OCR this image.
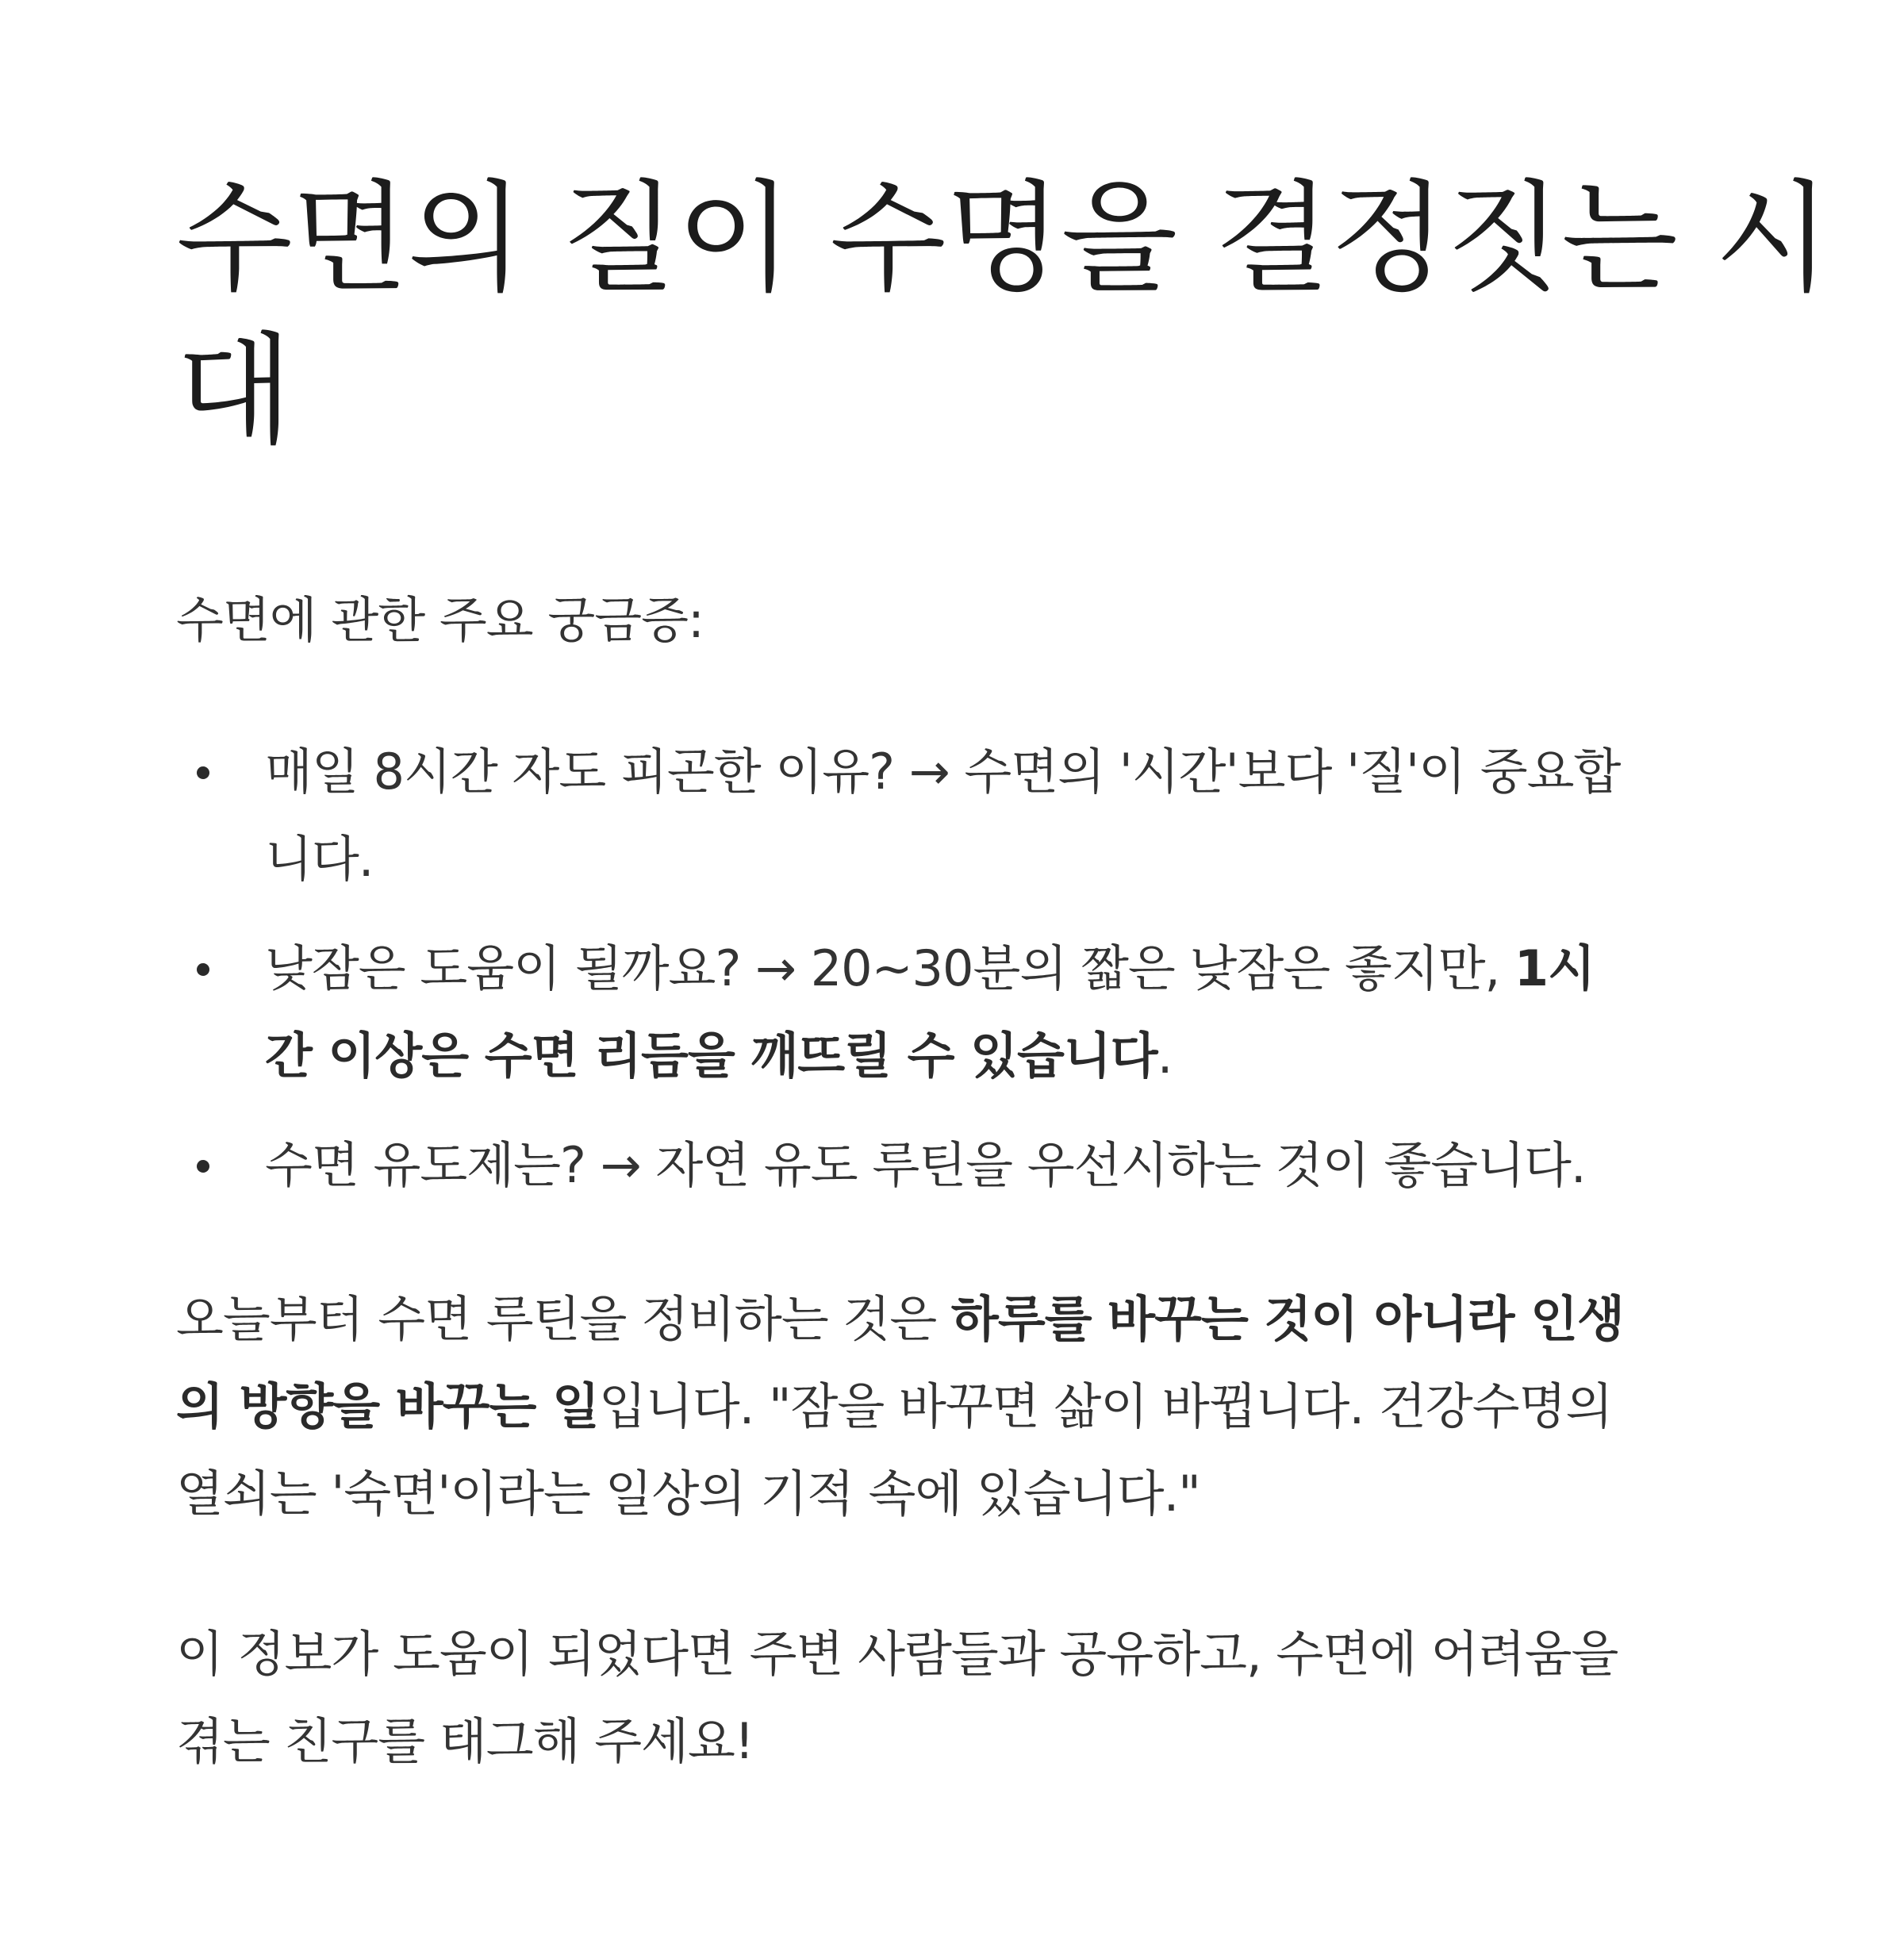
수면의 질이 수명을 결정짓는 시
대

수면에 관한 주요 궁금증:

매일 8시간 자도 피곤한 이유? → 수면의 '시간'보다 '질'이 중요합
니다.
낮잠은 도움이 될까요? → 20~30분의 짧은 낮잠은 좋지만, 1시
간 이상은 수면 리듬을 깨뜨릴 수 있습니다.
수면 유도제는? → 자연 유도 루틴을 우선시하는 것이 좋습니다.

오늘부터 수면 루틴을 정비하는 것은 하루를 바꾸는 것이 아니라 인생
의 방향을 바꾸는 일입니다. "잠을 바꾸면 삶이 바뀝니다. 건강수명의
열쇠는 '숙면'이라는 일상의 기적 속에 있습니다."

이 정보가 도움이 되었다면 주변 사람들과 공유하고, 수면에 어려움을
겪는 친구를 태그해 주세요!
